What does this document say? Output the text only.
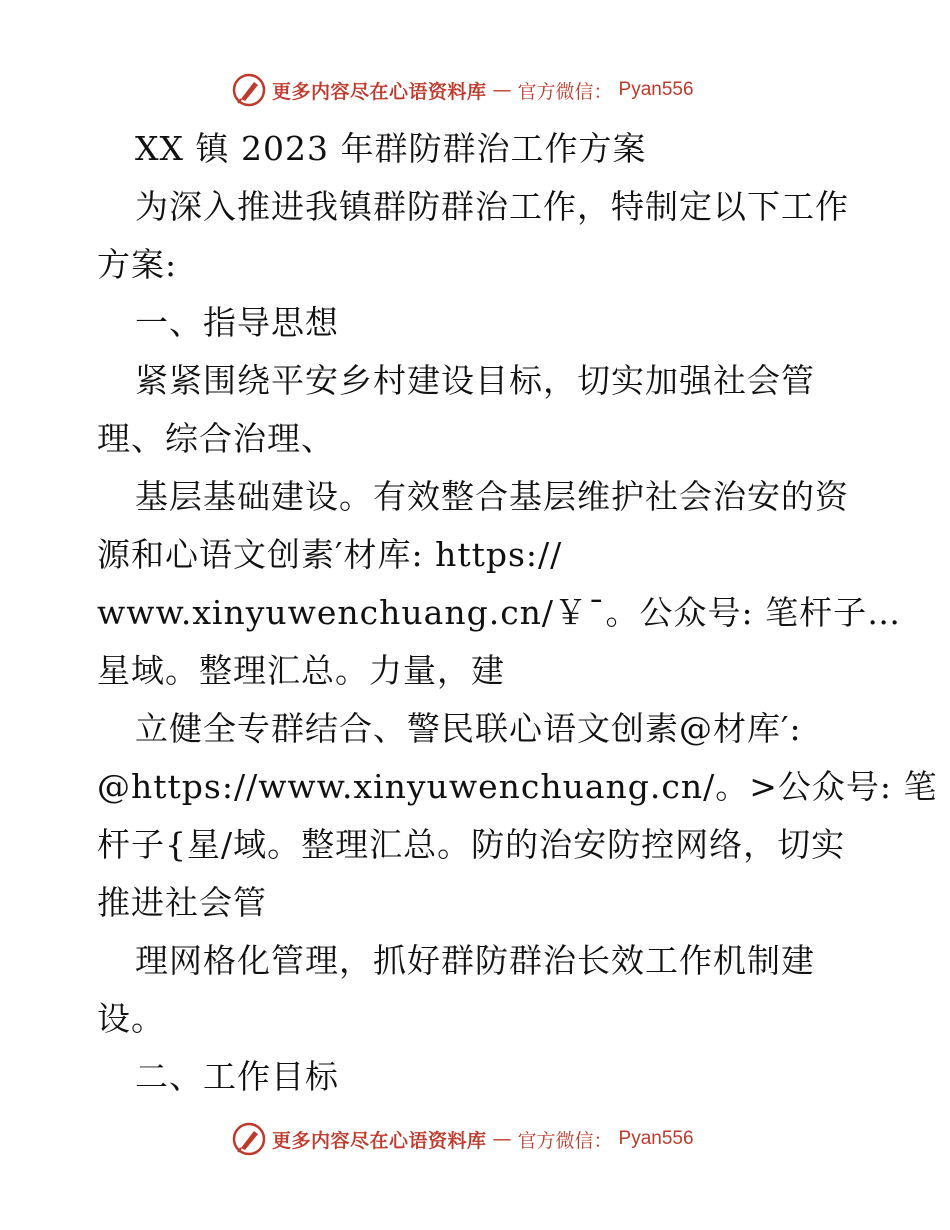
更多内容尽在心语资料库 — 官方微信： Pyan556
XX 镇 2023 年群防群治工作方案
为深入推进我镇群防群治工作，特制定以下工作
方案:
一、指导思想
紧紧围绕平安乡村建设目标，切实加强社会管
理、综合治理、
基层基础建设。有效整合基层维护社会治安的资
源和心语文创素′材库: https://
www.xinyuwenchuang.cn/￥¯。公众号: 笔杆子…
星域。整理汇总。力量，建
立健全专群结合、警民联心语文创素@材库′:
@https://www.xinyuwenchuang.cn/。>公众号: 笔
杆子{星/域。整理汇总。防的治安防控网络，切实
推进社会管
理网格化管理，抓好群防群治长效工作机制建
设。
二、工作目标
更多内容尽在心语资料库 — 官方微信： Pyan556
